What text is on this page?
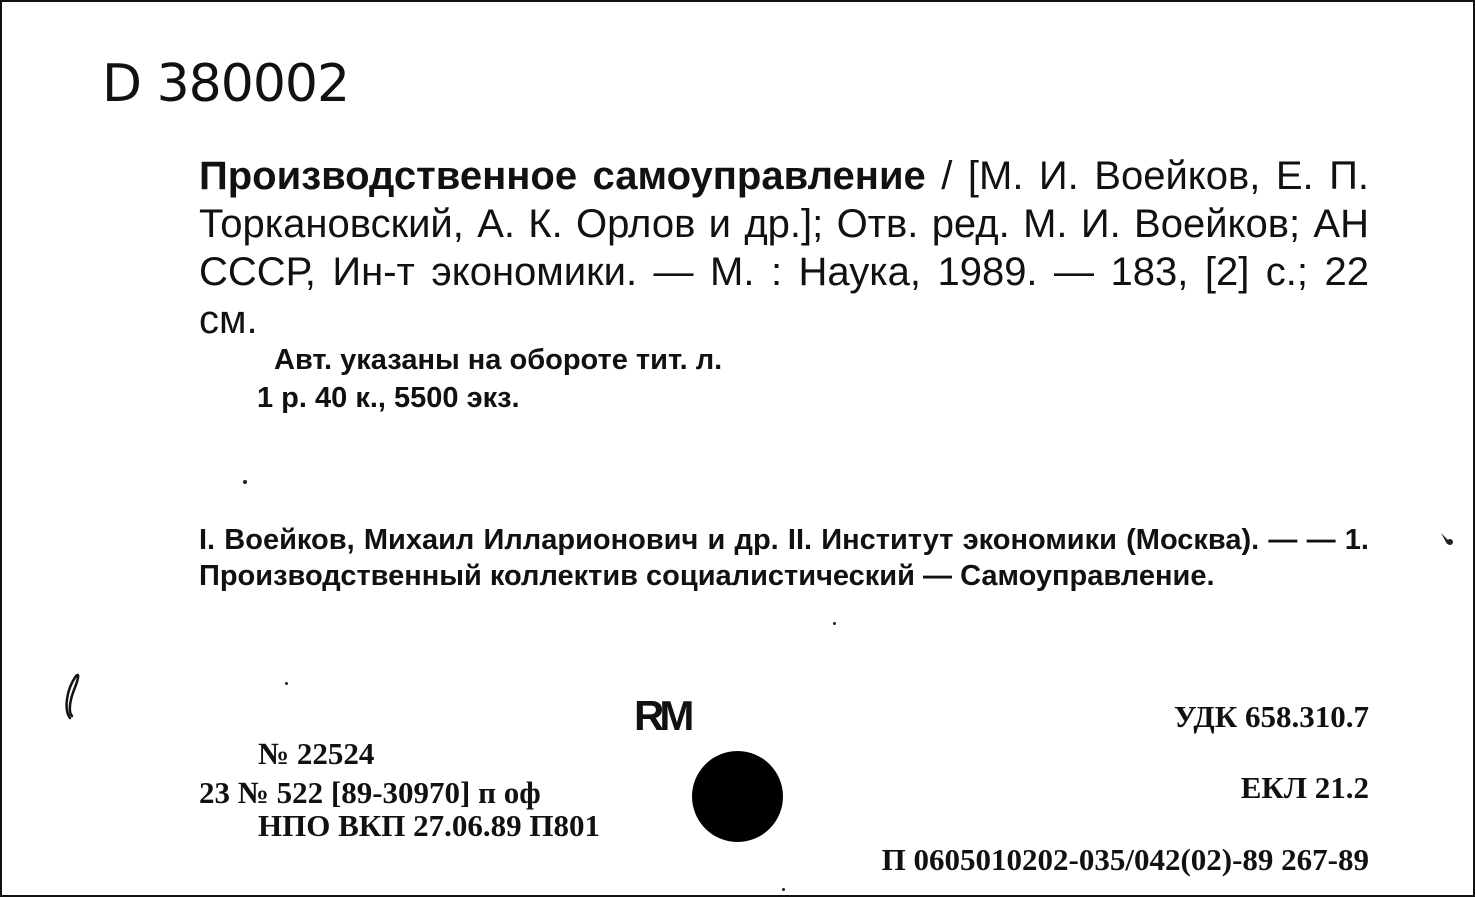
D 380002
Производственное самоуправление / [М. И. Воейков, Е. П. Торкановский, А. К. Орлов и др.]; Отв. ред. М. И. Воейков; АН СССР, Ин-т экономики. — М. : Наука, 1989. — 183, [2] с.; 22 см.
Авт. указаны на обороте тит. л.
1 р. 40 к., 5500 экз.
I. Воейков, Михаил Илларионович и др. II. Институт экономики (Москва). — — 1. Производственный коллектив социалистический — Самоуправление.
№ 22524
23 № 522 [89-30970] п оф
НПО ВКП 27.06.89 П801
RM	УДК 658.310.7
ЕКЛ 21.2
П 0605010202-035/042(02)-89 267-89
